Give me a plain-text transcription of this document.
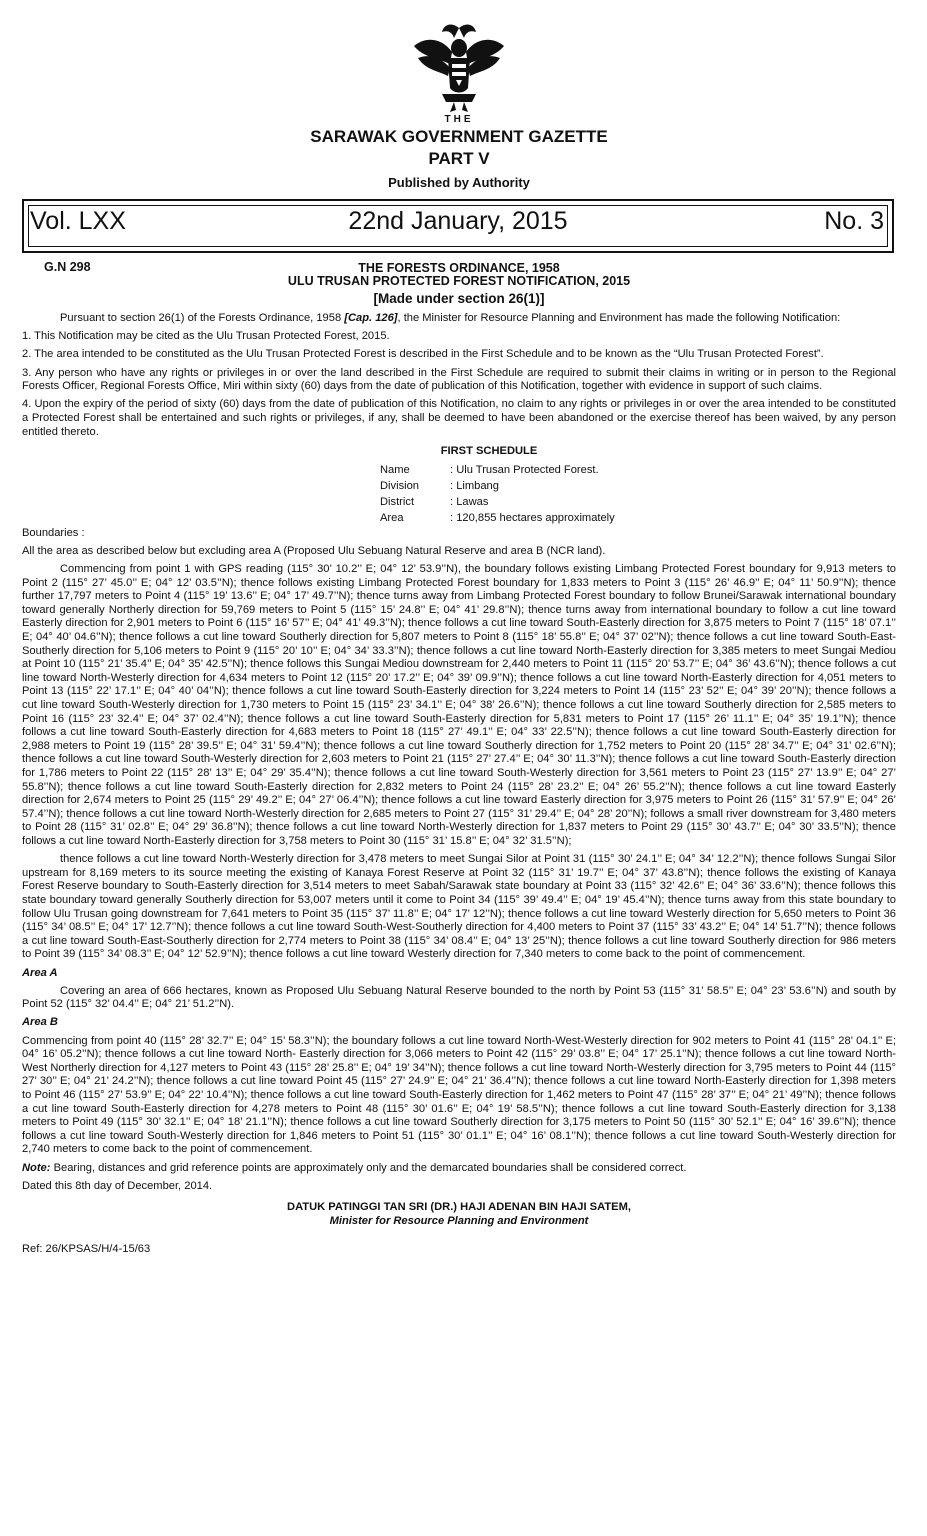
THE
SARAWAK GOVERNMENT GAZETTE
PART V
Published by Authority
Vol. LXX	22nd January, 2015	No. 3
G.N 298	THE FORESTS ORDINANCE, 1958
ULU TRUSAN PROTECTED FOREST NOTIFICATION, 2015
[Made under section 26(1)]

Pursuant to section 26(1) of the Forests Ordinance, 1958 [Cap. 126], the Minister for Resource Planning and Environment has made the following Notification:

1. This Notification may be cited as the Ulu Trusan Protected Forest, 2015.

2. The area intended to be constituted as the Ulu Trusan Protected Forest is described in the First Schedule and to be known as the “Ulu Trusan Protected Forest”.

3. Any person who have any rights or privileges in or over the land described in the First Schedule are required to submit their claims in writing or in person to the Regional Forests Officer, Regional Forests Office, Miri within sixty (60) days from the date of publication of this Notification, together with evidence in support of such claims.

4. Upon the expiry of the period of sixty (60) days from the date of publication of this Notification, no claim to any rights or privileges in or over the area intended to be constituted a Protected Forest shall be entertained and such rights or privileges, if any, shall be deemed to have been abandoned or the exercise thereof has been waived, by any person entitled thereto.

FIRST SCHEDULE

Name	: Ulu Trusan Protected Forest.
Division	: Limbang
District	: Lawas
Area	: 120,855 hectares approximately

Boundaries :

All the area as described below but excluding area A (Proposed Ulu Sebuang Natural Reserve and area B (NCR land).

Commencing from point 1 with GPS reading (115° 30’ 10.2’’ E; 04° 12’ 53.9’’N), the boundary follows existing Limbang Protected Forest boundary for 9,913 meters to Point 2 (115° 27’ 45.0’’ E; 04° 12’ 03.5’’N); thence follows existing Limbang Protected Forest boundary for 1,833 meters to Point 3 (115° 26’ 46.9’’ E; 04° 11’ 50.9’’N); thence further 17,797 meters to Point 4 (115° 19’ 13.6’’ E; 04° 17’ 49.7’’N); thence turns away from Limbang Protected Forest boundary to follow Brunei/Sarawak international boundary toward generally Northerly direction for 59,769 meters to Point 5 (115° 15’ 24.8’’ E; 04° 41’ 29.8’’N); thence turns away from international boundary to follow a cut line toward Easterly direction for 2,901 meters to Point 6 (115° 16’ 57’’ E; 04° 41’ 49.3’’N); thence follows a cut line toward South-Easterly direction for 3,875 meters to Point 7 (115° 18’ 07.1’’ E; 04° 40’ 04.6’’N); thence follows a cut line toward Southerly direction for 5,807 meters to Point 8 (115° 18’ 55.8’’ E; 04° 37’ 02’’N); thence follows a cut line toward South-East-Southerly direction for 5,106 meters to Point 9 (115° 20’ 10’’ E; 04° 34’ 33.3’’N); thence follows a cut line toward North-Easterly direction for 3,385 meters to meet Sungai Mediou at Point 10 (115° 21’ 35.4’’ E; 04° 35’ 42.5’’N); thence follows this Sungai Mediou downstream for 2,440 meters to Point 11 (115° 20’ 53.7’’ E; 04° 36’ 43.6’’N); thence follows a cut line toward North-Westerly direction for 4,634 meters to Point 12 (115° 20’ 17.2’’ E; 04° 39’ 09.9’’N); thence follows a cut line toward North-Easterly direction for 4,051 meters to Point 13 (115° 22’ 17.1’’ E; 04° 40’ 04’’N); thence follows a cut line toward South-Easterly direction for 3,224 meters to Point 14 (115° 23’ 52’’ E; 04° 39’ 20’’N); thence follows a cut line toward South-Westerly direction for 1,730 meters to Point 15 (115° 23’ 34.1’’ E; 04° 38’ 26.6’’N); thence follows a cut line toward Southerly direction for 2,585 meters to Point 16 (115° 23’ 32.4’’ E; 04° 37’ 02.4’’N); thence follows a cut line toward South-Easterly direction for 5,831 meters to Point 17 (115° 26’ 11.1’’ E; 04° 35’ 19.1’’N); thence follows a cut line toward South-Easterly direction for 4,683 meters to Point 18 (115° 27’ 49.1’’ E; 04° 33’ 22.5’’N); thence follows a cut line toward South-Easterly direction for 2,988 meters to Point 19 (115° 28’ 39.5’’ E; 04° 31’ 59.4’’N); thence follows a cut line toward Southerly direction for 1,752 meters to Point 20 (115° 28’ 34.7’’ E; 04° 31’ 02.6’’N); thence follows a cut line toward South-Westerly direction for 2,603 meters to Point 21 (115° 27’ 27.4’’ E; 04° 30’ 11.3’’N); thence follows a cut line toward South-Easterly direction for 1,786 meters to Point 22 (115° 28’ 13’’ E; 04° 29’ 35.4’’N); thence follows a cut line toward South-Westerly direction for 3,561 meters to Point 23 (115° 27’ 13.9’’ E; 04° 27’ 55.8’’N); thence follows a cut line toward South-Easterly direction for 2,832 meters to Point 24 (115° 28’ 23.2’’ E; 04° 26’ 55.2’’N); thence follows a cut line toward Easterly direction for 2,674 meters to Point 25 (115° 29’ 49.2’’ E; 04° 27’ 06.4’’N); thence follows a cut line toward Easterly direction for 3,975 meters to Point 26 (115° 31’ 57.9’’ E; 04° 26’ 57.4’’N); thence follows a cut line toward North-Westerly direction for 2,685 meters to Point 27 (115° 31’ 29.4’’ E; 04° 28’ 20’’N); follows a small river downstream for 3,480 meters to Point 28 (115° 31’ 02.8’’ E; 04° 29’ 36.8’’N); thence follows a cut line toward North-Westerly direction for 1,837 meters to Point 29 (115° 30’ 43.7’’ E; 04° 30’ 33.5’’N); thence follows a cut line toward North-Easterly direction for 3,758 meters to Point 30 (115° 31’ 15.8’’ E; 04° 32’ 31.5’’N);

thence follows a cut line toward North-Westerly direction for 3,478 meters to meet Sungai Silor at Point 31 (115° 30’ 24.1’’ E; 04° 34’ 12.2’’N); thence follows Sungai Silor upstream for 8,169 meters to its source meeting the existing of Kanaya Forest Reserve at Point 32 (115° 31’ 19.7’’ E; 04° 37’ 43.8’’N); thence follows the existing of Kanaya Forest Reserve boundary to South-Easterly direction for 3,514 meters to meet Sabah/Sarawak state boundary at Point 33 (115° 32’ 42.6’’ E; 04° 36’ 33.6’’N); thence follows this state boundary toward generally Southerly direction for 53,007 meters until it come to Point 34 (115° 39’ 49.4’’ E; 04° 19’ 45.4’’N); thence turns away from this state boundary to follow Ulu Trusan going downstream for 7,641 meters to Point 35 (115° 37’ 11.8’’ E; 04° 17’ 12’’N); thence follows a cut line toward Westerly direction for 5,650 meters to Point 36 (115° 34’ 08.5’’ E; 04° 17’ 12.7’’N); thence follows a cut line toward South-West-Southerly direction for 4,400 meters to Point 37 (115° 33’ 43.2’’ E; 04° 14’ 51.7’’N); thence follows a cut line toward South-East-Southerly direction for 2,774 meters to Point 38 (115° 34’ 08.4’’ E; 04° 13’ 25’’N); thence follows a cut line toward Southerly direction for 986 meters to Point 39 (115° 34’ 08.3’’ E; 04° 12’ 52.9’’N); thence follows a cut line toward Westerly direction for 7,340 meters to come back to the point of commencement.

Area A

Covering an area of 666 hectares, known as Proposed Ulu Sebuang Natural Reserve bounded to the north by Point 53 (115° 31’ 58.5’’ E; 04° 23’ 53.6’’N) and south by Point 52 (115° 32’ 04.4’’ E; 04° 21’ 51.2’’N).

Area B

Commencing from point 40 (115° 28’ 32.7’’ E; 04° 15’ 58.3’’N); the boundary follows a cut line toward North-West-Westerly direction for 902 meters to Point 41 (115° 28’ 04.1’’ E; 04° 16’ 05.2’’N); thence follows a cut line toward North- Easterly direction for 3,066 meters to Point 42 (115° 29’ 03.8’’ E; 04° 17’ 25.1’’N); thence follows a cut line toward North-West Northerly direction for 4,127 meters to Point 43 (115° 28’ 25.8’’ E; 04° 19’ 34’’N); thence follows a cut line toward North-Westerly direction for 3,795 meters to Point 44 (115° 27’ 30’’ E; 04° 21’ 24.2’’N); thence follows a cut line toward Point 45 (115° 27’ 24.9’’ E; 04° 21’ 36.4’’N); thence follows a cut line toward North-Easterly direction for 1,398 meters to Point 46 (115° 27’ 53.9’’ E; 04° 22’ 10.4’’N); thence follows a cut line toward South-Easterly direction for 1,462 meters to Point 47 (115° 28’ 37’’ E; 04° 21’ 49’’N); thence follows a cut line toward South-Easterly direction for 4,278 meters to Point 48 (115° 30’ 01.6’’ E; 04° 19’ 58.5’’N); thence follows a cut line toward South-Easterly direction for 3,138 meters to Point 49 (115° 30’ 32.1’’ E; 04° 18’ 21.1’’N); thence follows a cut line toward Southerly direction for 3,175 meters to Point 50 (115° 30’ 52.1’’ E; 04° 16’ 39.6’’N); thence follows a cut line toward South-Westerly direction for 1,846 meters to Point 51 (115° 30’ 01.1’’ E; 04° 16’ 08.1’’N); thence follows a cut line toward South-Westerly direction for 2,740 meters to come back to the point of commencement.

Note: Bearing, distances and grid reference points are approximately only and the demarcated boundaries shall be considered correct.

Dated this 8th day of December, 2014.

DATUK PATINGGI TAN SRI (DR.) HAJI ADENAN BIN HAJI SATEM,

Minister for Resource Planning and Environment

Ref: 26/KPSAS/H/4-15/63
